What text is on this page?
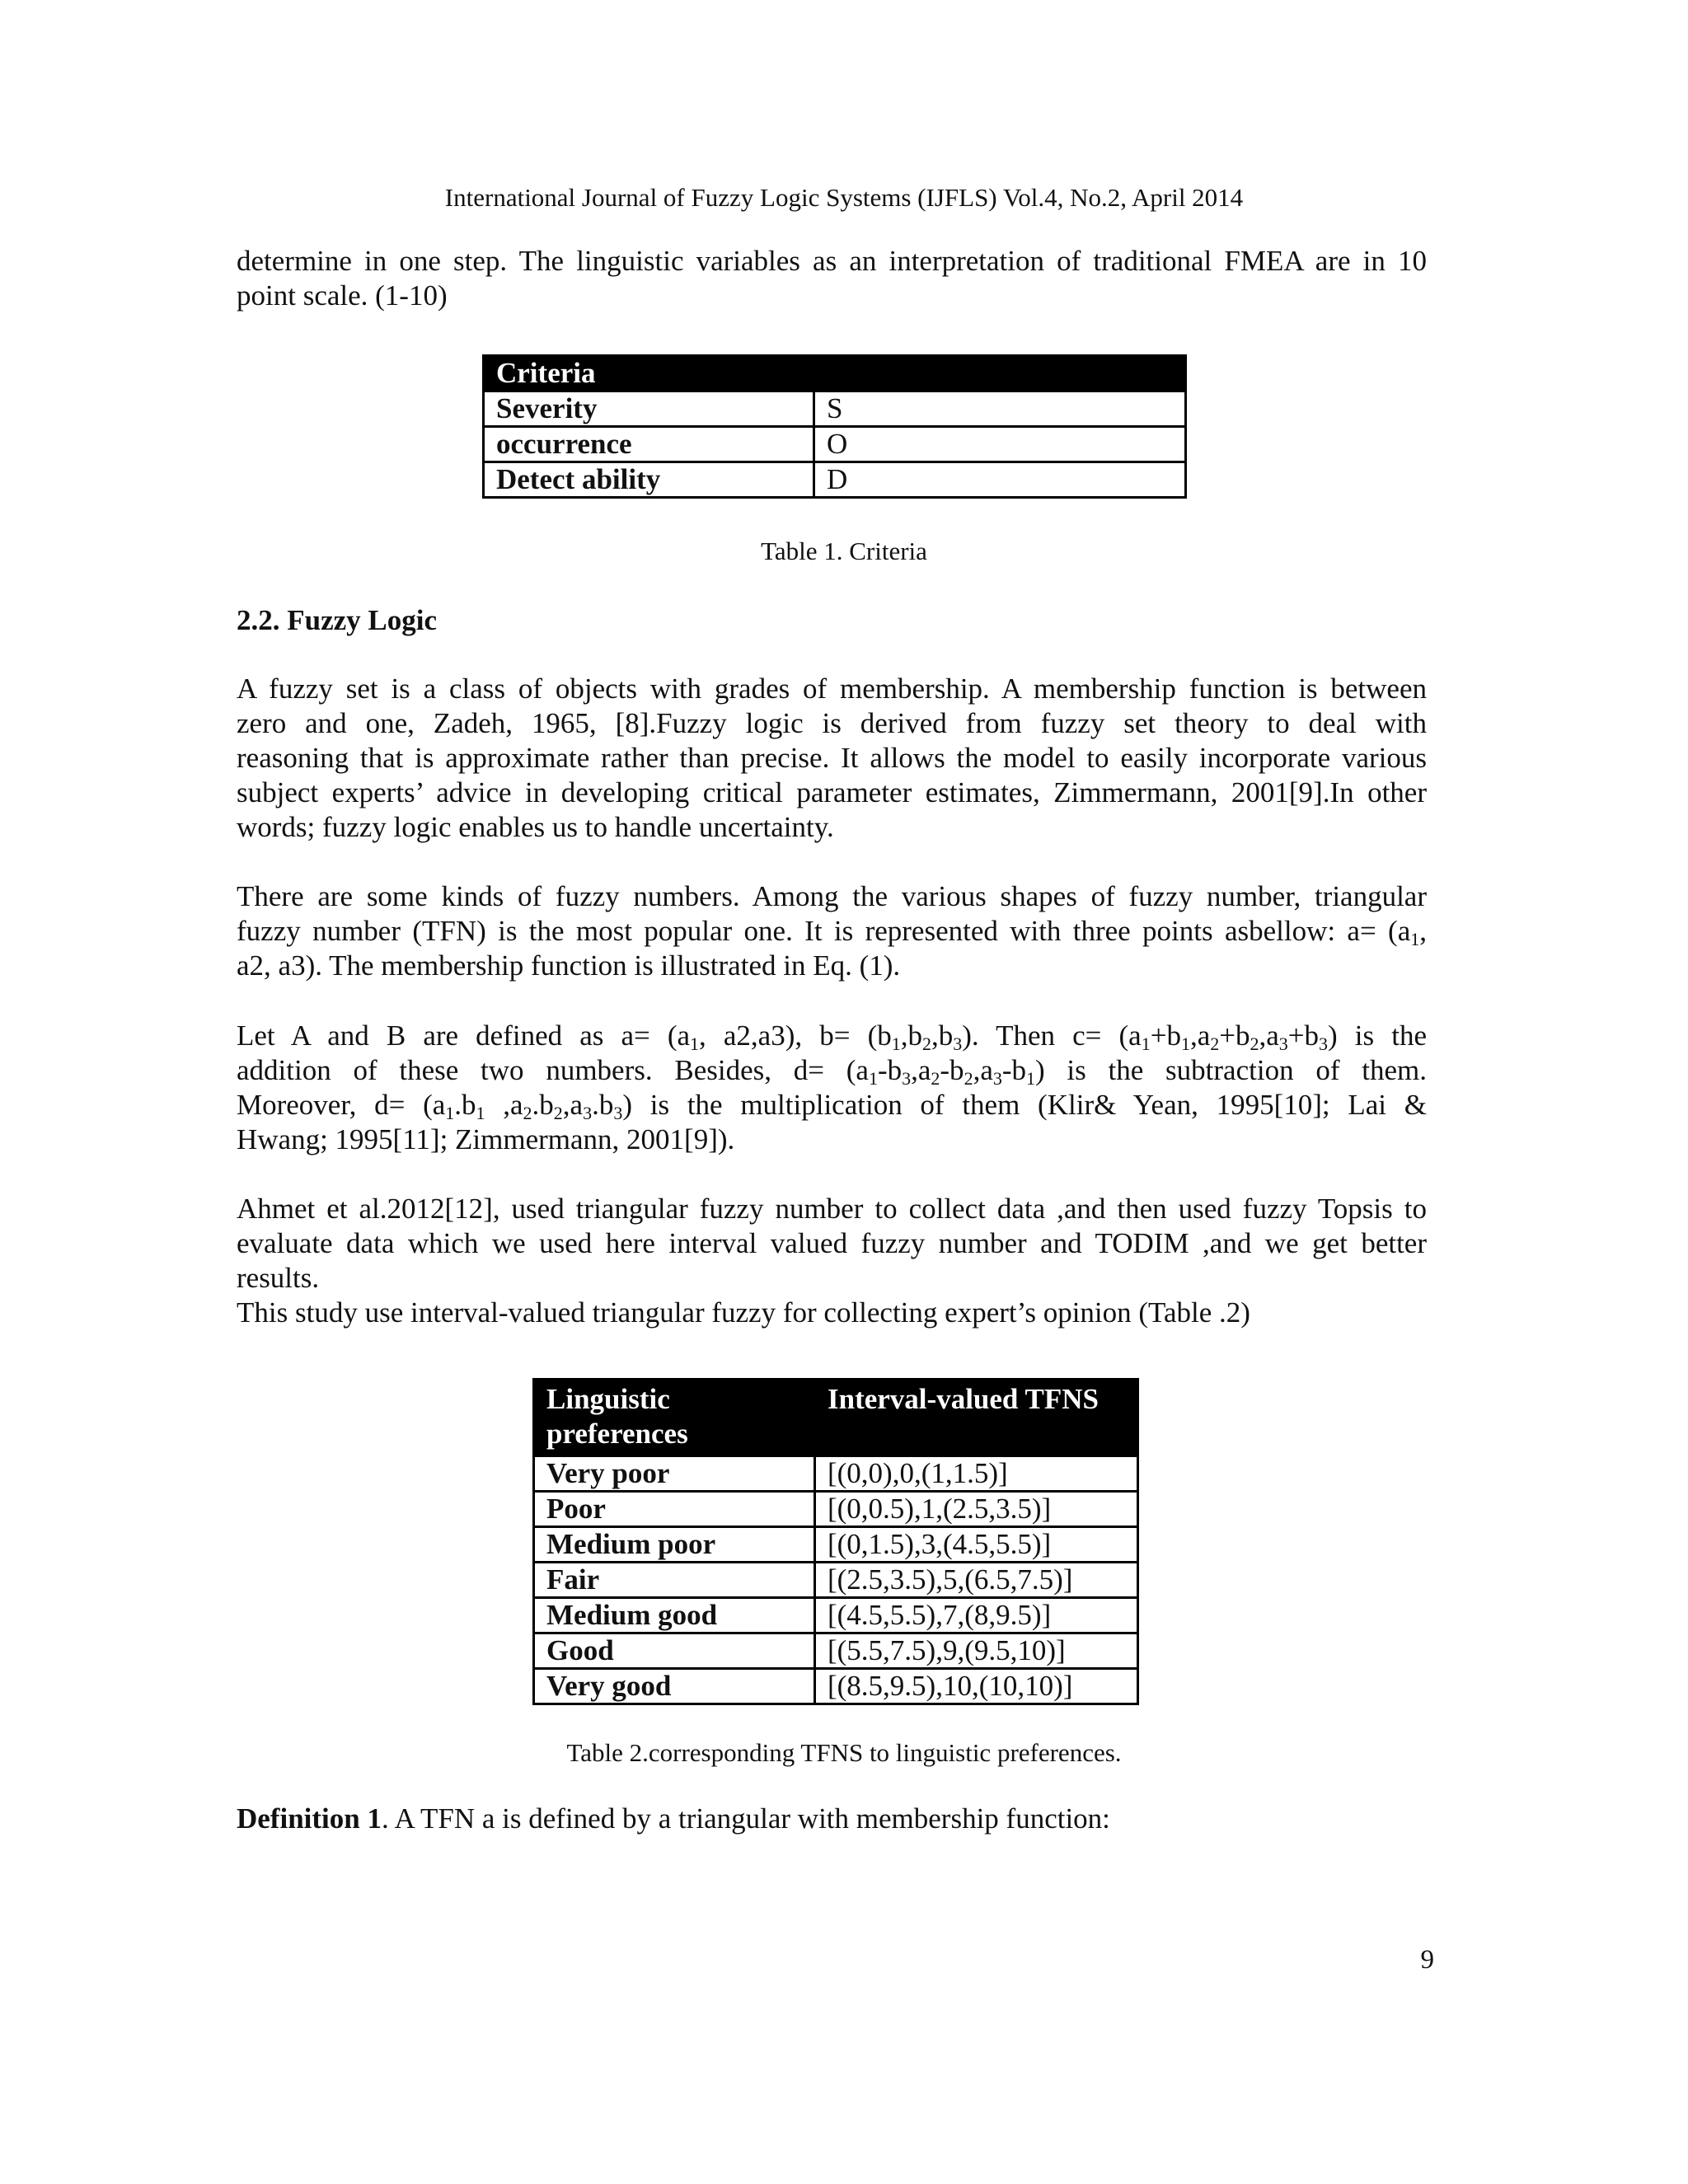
International Journal of Fuzzy Logic Systems (IJFLS) Vol.4, No.2, April 2014
determine in one step. The linguistic variables as an interpretation of traditional FMEA are in 10
point scale. (1-10)
Criteria	
Severity	S
occurrence	O
Detect ability	D
Table 1. Criteria
2.2. Fuzzy Logic
A fuzzy set is a class of objects with grades of membership. A membership function is between
zero and one, Zadeh, 1965, [8].Fuzzy logic is derived from fuzzy set theory to deal with
reasoning that is approximate rather than precise. It allows the model to easily incorporate various
subject experts’ advice in developing critical parameter estimates, Zimmermann, 2001[9].In other
words; fuzzy logic enables us to handle uncertainty.
There are some kinds of fuzzy numbers. Among the various shapes of fuzzy number, triangular
fuzzy number (TFN) is the most popular one. It is represented with three points asbellow: $a= (a_1$,
a2, a3). The membership function is illustrated in Eq. (1).
Let A and B are defined as $a= (a_1$, a2,a3), $b= (b_1,b_2,b_3)$. Then $c= (a_1+b_1,a_2+b_2,a_3+b_3)$ is the
addition of these two numbers. Besides, $d= (a_1-b_3,a_2-b_2,a_3-b_1)$ is the subtraction of them.
Moreover, $d= (a_1.b_1$ $,a_2.b_2,a_3.b_3$) is the multiplication of them (Klir& Yean, 1995[10]; Lai &
Hwang; 1995[11]; Zimmermann, 2001[9]).
Ahmet et al.2012[12], used triangular fuzzy number to collect data ,and then used fuzzy Topsis to
evaluate data which we used here interval valued fuzzy number and TODIM ,and we get better
results.
This study use interval-valued triangular fuzzy for collecting expert’s opinion (Table .2)
Linguistic
preferences	Interval-valued TFNS
Very poor	[(0,0),0,(1,1.5)]
Poor	[(0,0.5),1,(2.5,3.5)]
Medium poor	[(0,1.5),3,(4.5,5.5)]
Fair	[(2.5,3.5),5,(6.5,7.5)]
Medium good	[(4.5,5.5),7,(8,9.5)]
Good	[(5.5,7.5),9,(9.5,10)]
Very good	[(8.5,9.5),10,(10,10)]
Table 2.corresponding TFNS to linguistic preferences.
Definition 1. A TFN a is defined by a triangular with membership function:
9
